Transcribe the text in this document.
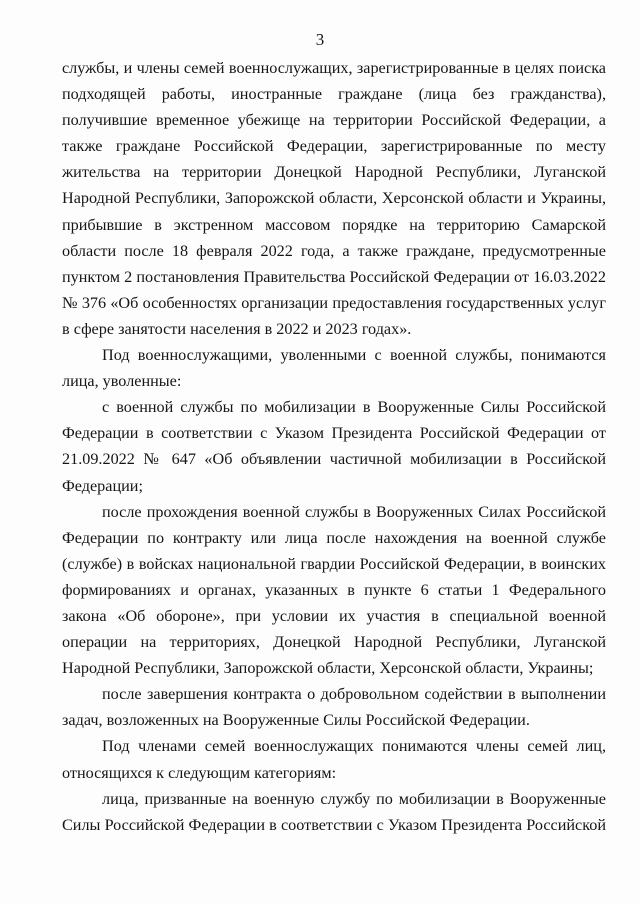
3

службы, и члены семей военнослужащих, зарегистрированные в целях поиска подходящей работы, иностранные граждане (лица без гражданства), получившие временное убежище на территории Российской Федерации, а также граждане Российской Федерации, зарегистрированные по месту жительства на территории Донецкой Народной Республики, Луганской Народной Республики, Запорожской области, Херсонской области и Украины, прибывшие в экстренном массовом порядке на территорию Самарской области после 18 февраля 2022 года, а также граждане, предусмотренные пунктом 2 постановления Правительства Российской Федерации от 16.03.2022 № 376 «Об особенностях организации предоставления государственных услуг в сфере занятости населения в 2022 и 2023 годах».

Под военнослужащими, уволенными с военной службы, понимаются лица, уволенные:

с военной службы по мобилизации в Вооруженные Силы Российской Федерации в соответствии с Указом Президента Российской Федерации от 21.09.2022 № 647 «Об объявлении частичной мобилизации в Российской Федерации;

после прохождения военной службы в Вооруженных Силах Российской Федерации по контракту или лица после нахождения на военной службе (службе) в войсках национальной гвардии Российской Федерации, в воинских формированиях и органах, указанных в пункте 6 статьи 1 Федерального закона «Об обороне», при условии их участия в специальной военной операции на территориях, Донецкой Народной Республики, Луганской Народной Республики, Запорожской области, Херсонской области, Украины;

после завершения контракта о добровольном содействии в выполнении задач, возложенных на Вооруженные Силы Российской Федерации.

Под членами семей военнослужащих понимаются члены семей лиц, относящихся к следующим категориям:

лица, призванные на военную службу по мобилизации в Вооруженные Силы Российской Федерации в соответствии с Указом Президента Российской
